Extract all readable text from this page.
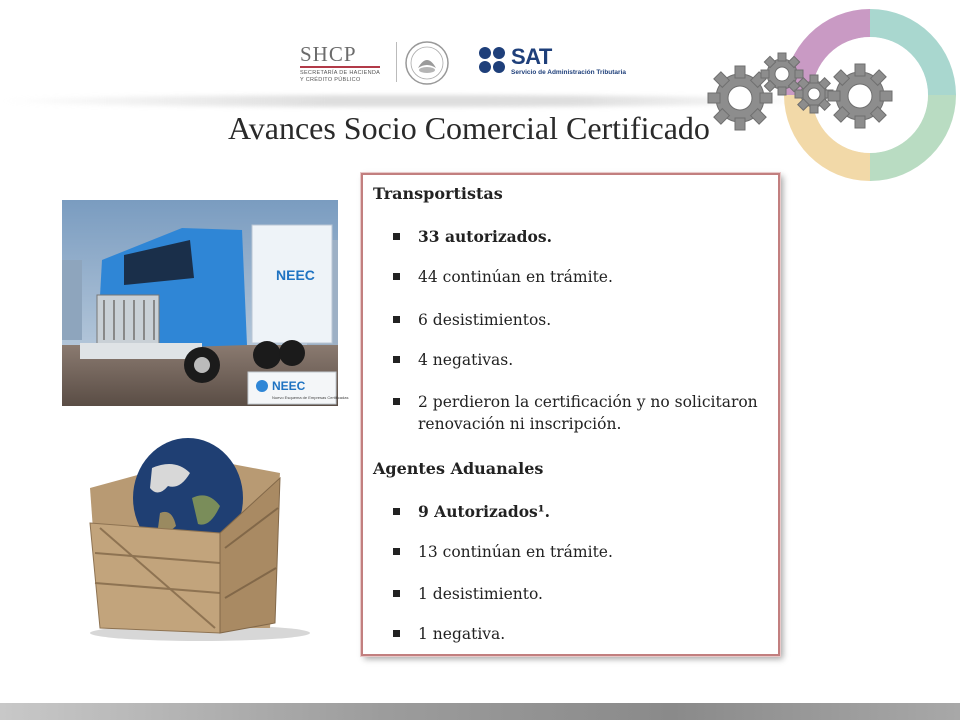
SHCP
SECRETARÍA DE HACIENDA
Y CRÉDITO PÚBLICO
SAT
Servicio de Administración Tributaria
Avances Socio Comercial Certificado
NEEC
NEEC
Nuevo Esquema de Empresas Certificadas
Transportistas
33 autorizados.
44 continúan en trámite.
6 desistimientos.
4 negativas.
2 perdieron la certificación y no solicitaron renovación ni inscripción.
Agentes Aduanales
9 Autorizados¹.
13 continúan en trámite.
1 desistimiento.
1 negativa.
